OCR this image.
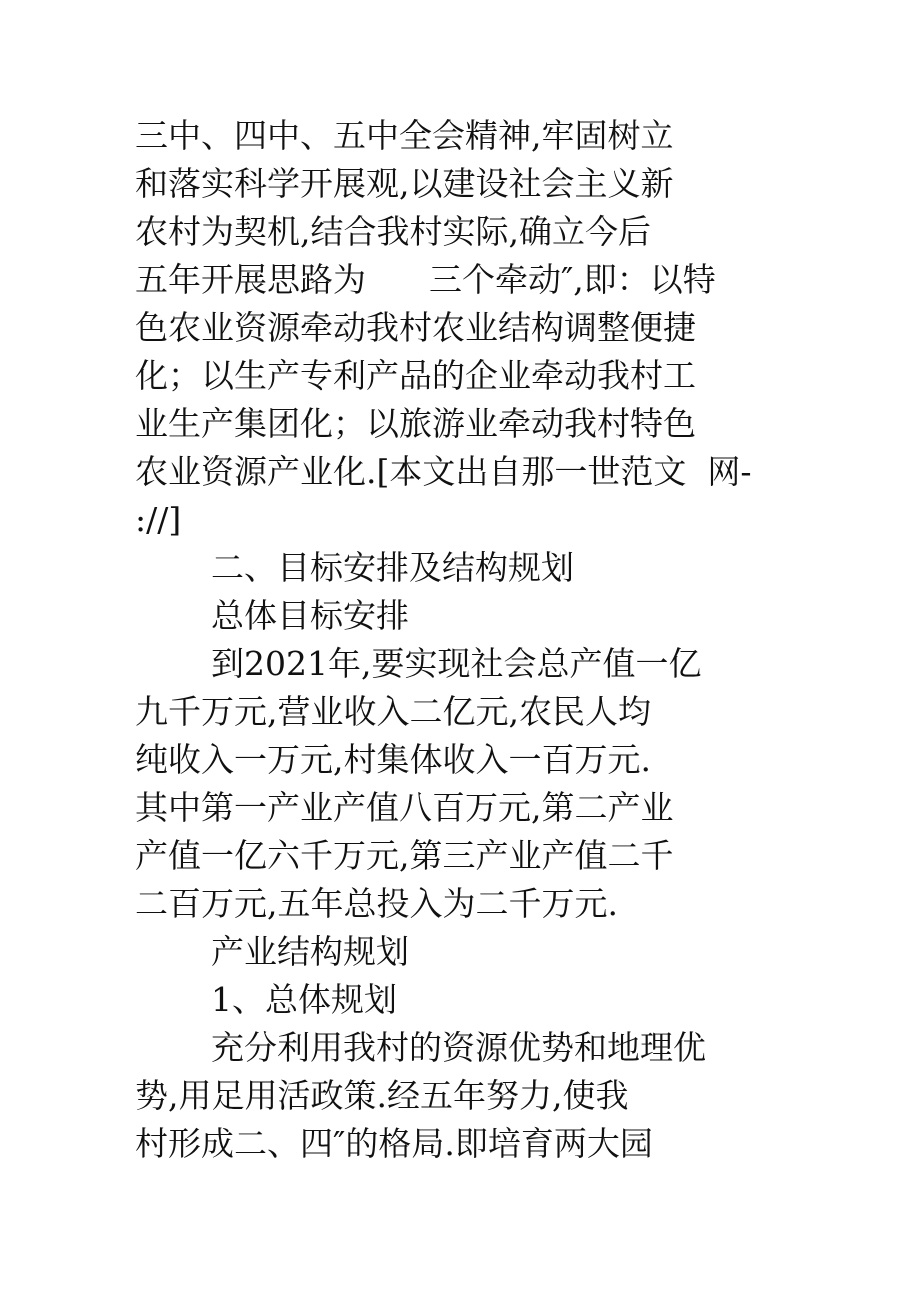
三中、四中、五中全会精神,牢固树立
和落实科学开展观,以建设社会主义新
农村为契机,结合我村实际,确立今后
五年开展思路为      三个牵动″,即：以特
色农业资源牵动我村农业结构调整便捷
化；以生产专利产品的企业牵动我村工
业生产集团化；以旅游业牵动我村特色
农业资源产业化.[本文出自那一世范文  网-
://]
二、目标安排及结构规划
总体目标安排
到2021年,要实现社会总产值一亿
九千万元,营业收入二亿元,农民人均
纯收入一万元,村集体收入一百万元.
其中第一产业产值八百万元,第二产业
产值一亿六千万元,第三产业产值二千
二百万元,五年总投入为二千万元.
产业结构规划
1、总体规划
充分利用我村的资源优势和地理优
势,用足用活政策.经五年努力,使我
村形成二、四″的格局.即培育两大园
